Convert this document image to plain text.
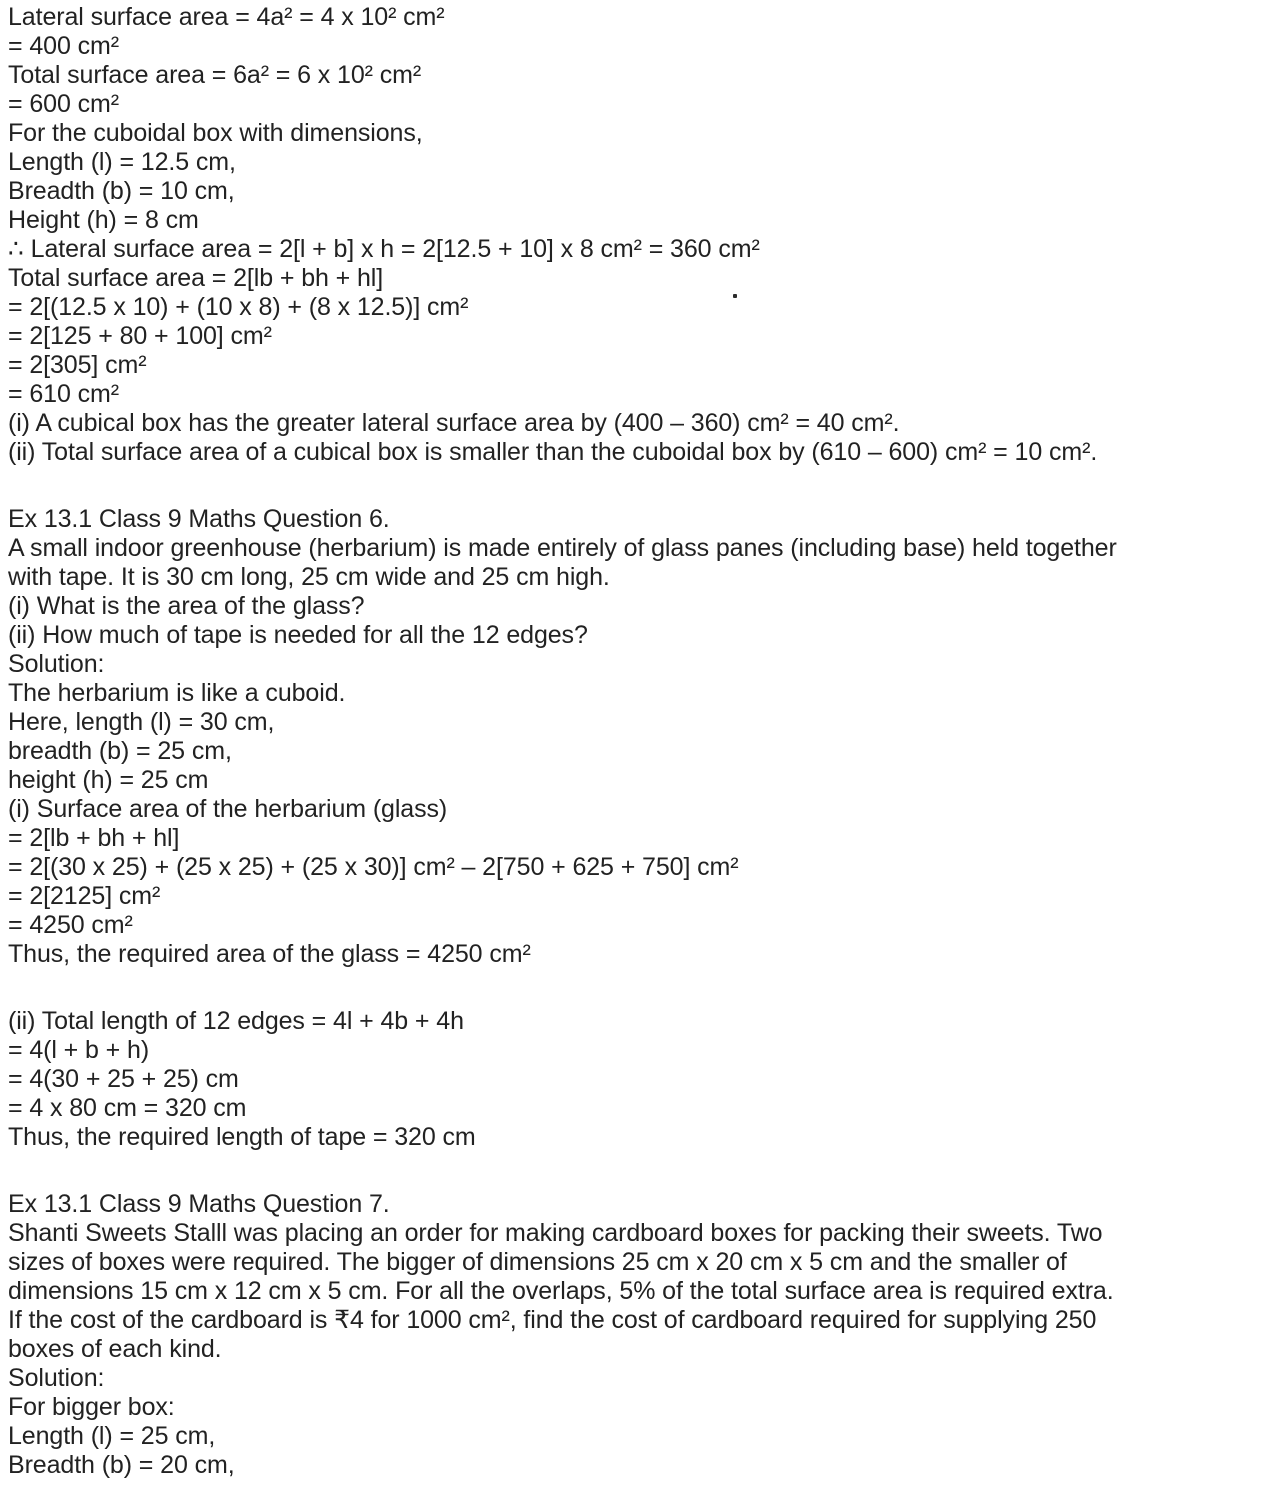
Lateral surface area = 4a² = 4 x 10² cm²

= 400 cm²

Total surface area = 6a² = 6 x 10² cm²

= 600 cm²

For the cuboidal box with dimensions,

Length (l) = 12.5 cm,

Breadth (b) = 10 cm,

Height (h) = 8 cm

∴ Lateral surface area = 2[l + b] x h = 2[12.5 + 10] x 8 cm² = 360 cm²

Total surface area = 2[lb + bh + hl]

= 2[(12.5 x 10) + (10 x 8) + (8 x 12.5)] cm²

= 2[125 + 80 + 100] cm²

= 2[305] cm²

= 610 cm²

(i) A cubical box has the greater lateral surface area by (400 – 360) cm² = 40 cm².

(ii) Total surface area of a cubical box is smaller than the cuboidal box by (610 – 600) cm² = 10 cm².

Ex 13.1 Class 9 Maths Question 6.

A small indoor greenhouse (herbarium) is made entirely of glass panes (including base) held together

with tape. It is 30 cm long, 25 cm wide and 25 cm high.

(i) What is the area of the glass?

(ii) How much of tape is needed for all the 12 edges?

Solution:

The herbarium is like a cuboid.

Here, length (l) = 30 cm,

breadth (b) = 25 cm,

height (h) = 25 cm

(i) Surface area of the herbarium (glass)

= 2[lb + bh + hl]

= 2[(30 x 25) + (25 x 25) + (25 x 30)] cm² – 2[750 + 625 + 750] cm²

= 2[2125] cm²

= 4250 cm²

Thus, the required area of the glass = 4250 cm²

(ii) Total length of 12 edges = 4l + 4b + 4h

= 4(l + b + h)

= 4(30 + 25 + 25) cm

= 4 x 80 cm = 320 cm

Thus, the required length of tape = 320 cm

Ex 13.1 Class 9 Maths Question 7.

Shanti Sweets Stalll was placing an order for making cardboard boxes for packing their sweets. Two

sizes of boxes were required. The bigger of dimensions 25 cm x 20 cm x 5 cm and the smaller of

dimensions 15 cm x 12 cm x 5 cm. For all the overlaps, 5% of the total surface area is required extra.

If the cost of the cardboard is ₹4 for 1000 cm², find the cost of cardboard required for supplying 250

boxes of each kind.

Solution:

For bigger box:

Length (l) = 25 cm,

Breadth (b) = 20 cm,
